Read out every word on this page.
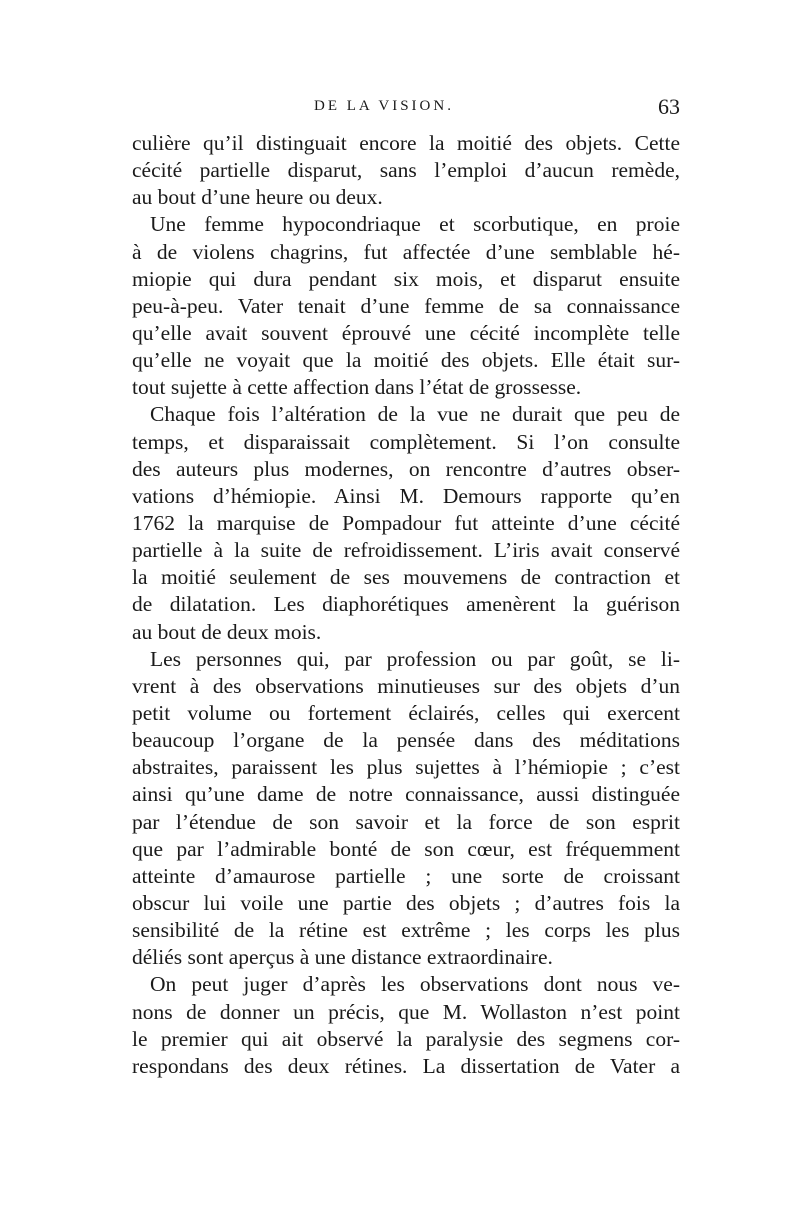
DE LA VISION.	63
culière qu’il distinguait encore la moitié des objets. Cette
cécité partielle disparut, sans l’emploi d’aucun remède,
au bout d’une heure ou deux.
Une femme hypocondriaque et scorbutique, en proie
à de violens chagrins, fut affectée d’une semblable hé-
miopie qui dura pendant six mois, et disparut ensuite
peu-à-peu. Vater tenait d’une femme de sa connaissance
qu’elle avait souvent éprouvé une cécité incomplète telle
qu’elle ne voyait que la moitié des objets. Elle était sur-
tout sujette à cette affection dans l’état de grossesse.
Chaque fois l’altération de la vue ne durait que peu de
temps, et disparaissait complètement. Si l’on consulte
des auteurs plus modernes, on rencontre d’autres obser-
vations d’hémiopie. Ainsi M. Demours rapporte qu’en
1762 la marquise de Pompadour fut atteinte d’une cécité
partielle à la suite de refroidissement. L’iris avait conservé
la moitié seulement de ses mouvemens de contraction et
de dilatation. Les diaphorétiques amenèrent la guérison
au bout de deux mois.
Les personnes qui, par profession ou par goût, se li-
vrent à des observations minutieuses sur des objets d’un
petit volume ou fortement éclairés, celles qui exercent
beaucoup l’organe de la pensée dans des méditations
abstraites, paraissent les plus sujettes à l’hémiopie ; c’est
ainsi qu’une dame de notre connaissance, aussi distinguée
par l’étendue de son savoir et la force de son esprit
que par l’admirable bonté de son cœur, est fréquemment
atteinte d’amaurose partielle ; une sorte de croissant
obscur lui voile une partie des objets ; d’autres fois la
sensibilité de la rétine est extrême ; les corps les plus
déliés sont aperçus à une distance extraordinaire.
On peut juger d’après les observations dont nous ve-
nons de donner un précis, que M. Wollaston n’est point
le premier qui ait observé la paralysie des segmens cor-
respondans des deux rétines. La dissertation de Vater a
